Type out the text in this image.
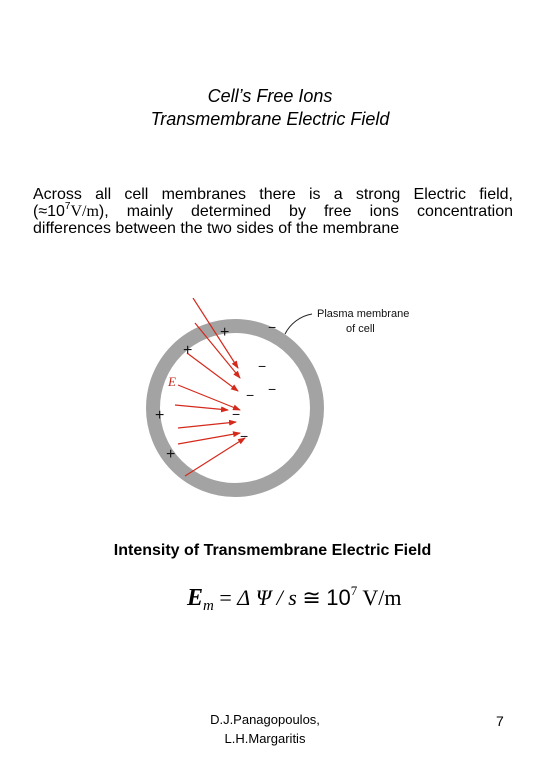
Cell’s Free Ions
Transmembrane Electric Field
Across all cell membranes there is a strong Electric field, $(\approx 10^7V/m)$, mainly determined by free ions concentration differences between the two sides of the membrane
Plasma membrane
of cell
E
+
+
+
+
−
−
− −
−
−
Intensity of Transmembrane Electric Field
$E_m = \Delta$ Ψ / s ≅ $10^7$ V/m
D.J.Panagopoulos,
L.H.Margaritis
7
